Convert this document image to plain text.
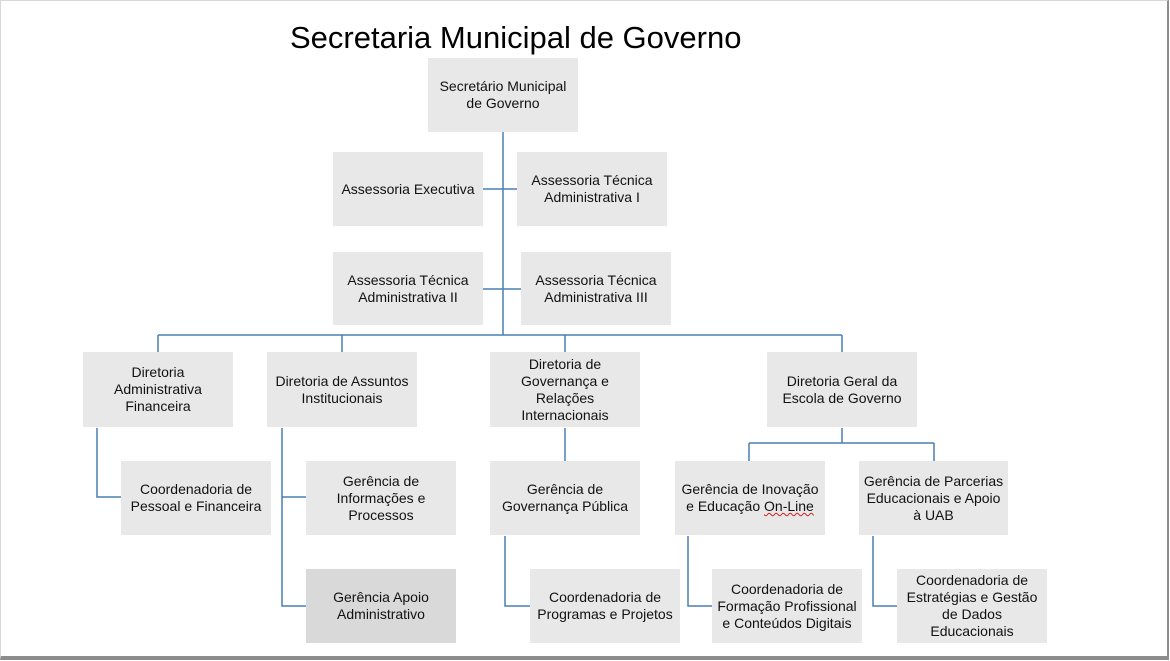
Secretaria Municipal de Governo
Secretário Municipal de Governo
Assessoria Executiva
Assessoria Técnica Administrativa I
Assessoria Técnica Administrativa II
Assessoria Técnica Administrativa III
Diretoria Administrativa Financeira
Diretoria de Assuntos Institucionais
Diretoria de Governança e Relações Internacionais
Diretoria Geral da Escola de Governo
Coordenadoria de Pessoal e Financeira
Gerência de Informações e Processos
Gerência de Governança Pública
Gerência de Inovação e Educação On-Line
Gerência de Parcerias Educacionais e Apoio à UAB
Gerência Apoio Administrativo
Coordenadoria de Programas e Projetos
Coordenadoria de Formação Profissional e Conteúdos Digitais
Coordenadoria de Estratégias e Gestão de Dados Educacionais
